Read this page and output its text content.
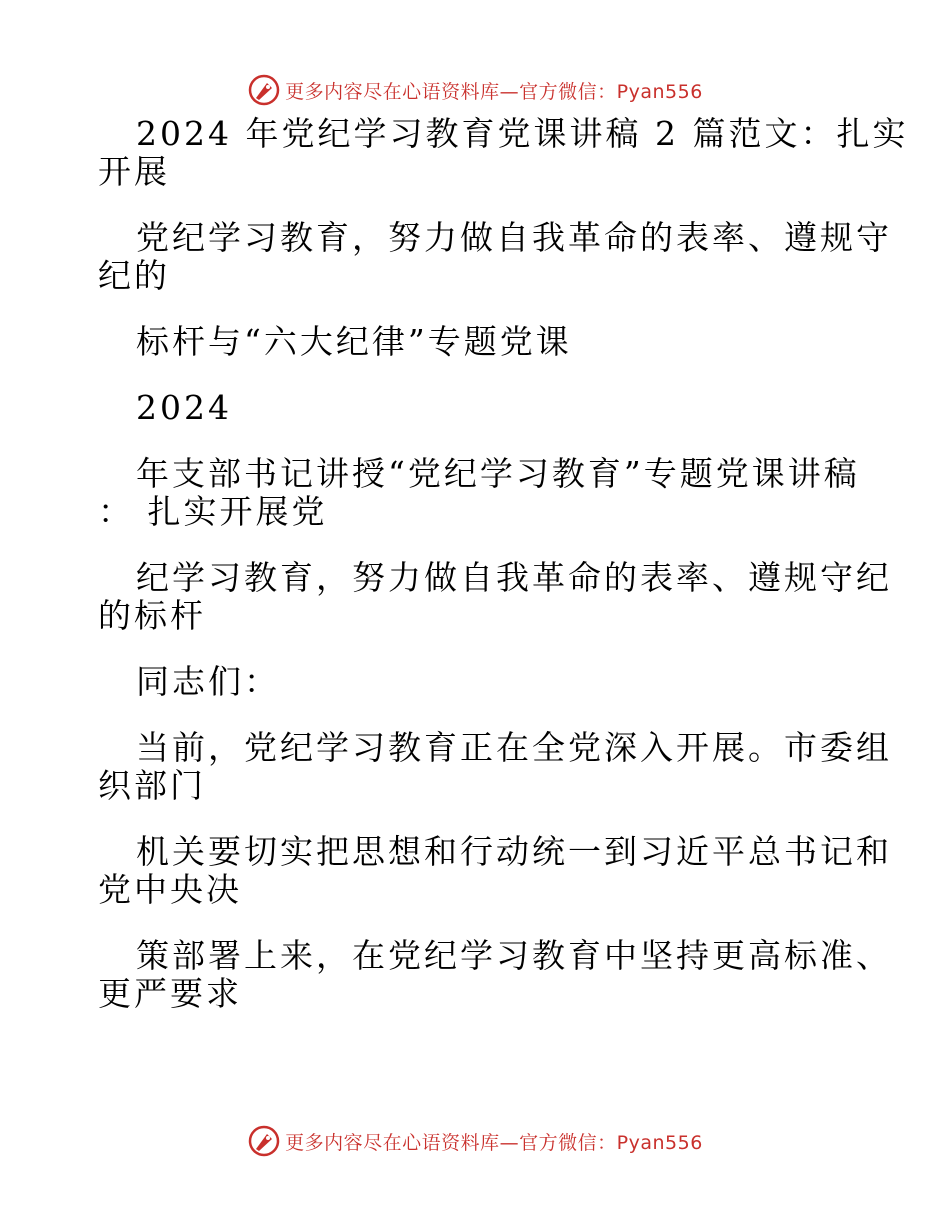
更多内容尽在心语资料库—官方微信：Pyan556
2024 年党纪学习教育党课讲稿 2 篇范文：扎实
开展
党纪学习教育，努力做自我革命的表率、遵规守
纪的
标杆与“六大纪律”专题党课
2024
年支部书记讲授“党纪学习教育”专题党课讲稿
： 扎实开展党
纪学习教育，努力做自我革命的表率、遵规守纪
的标杆
同志们：
当前，党纪学习教育正在全党深入开展。市委组
织部门
机关要切实把思想和行动统一到习近平总书记和
党中央决
策部署上来，在党纪学习教育中坚持更高标准、
更严要求
更多内容尽在心语资料库—官方微信：Pyan556
